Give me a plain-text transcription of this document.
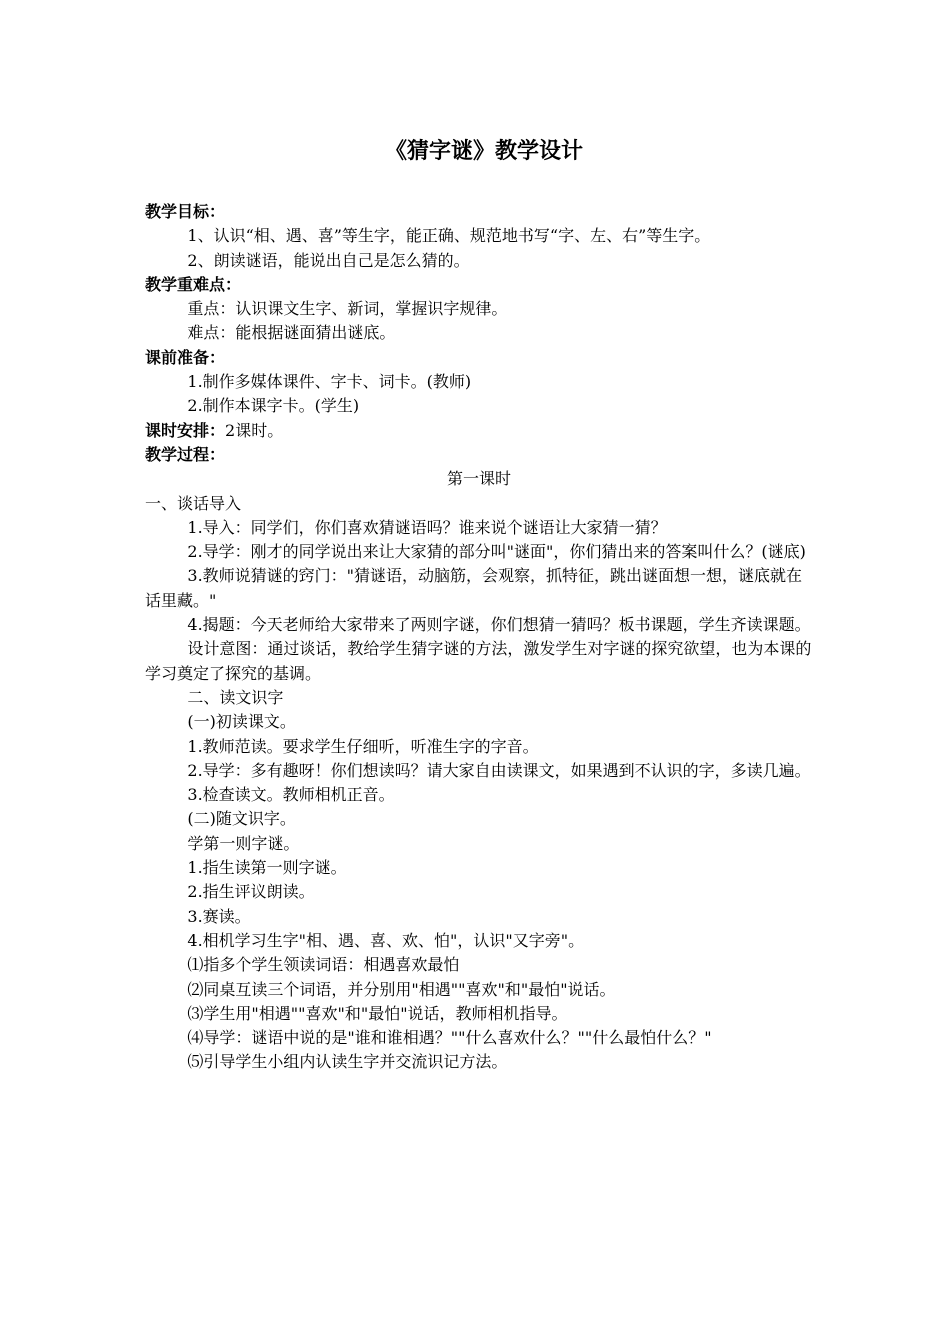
《猜字谜》教学设计
教学目标：
1、认识“相、遇、喜”等生字，能正确、规范地书写“字、左、右”等生字。
2、朗读谜语，能说出自己是怎么猜的。
教学重难点：
重点：认识课文生字、新词，掌握识字规律。
难点：能根据谜面猜出谜底。
课前准备：
1.制作多媒体课件、字卡、词卡。(教师)
2.制作本课字卡。(学生)
课时安排：2课时。
教学过程：
第一课时
一、谈话导入
1.导入：同学们，你们喜欢猜谜语吗？谁来说个谜语让大家猜一猜？
2.导学：刚才的同学说出来让大家猜的部分叫"谜面"，你们猜出来的答案叫什么？(谜底)
3.教师说猜谜的窍门："猜谜语，动脑筋，会观察，抓特征，跳出谜面想一想，谜底就在话里藏。"
4.揭题：今天老师给大家带来了两则字谜，你们想猜一猜吗？板书课题，学生齐读课题。
设计意图：通过谈话，教给学生猜字谜的方法，激发学生对字谜的探究欲望，也为本课的学习奠定了探究的基调。
二、读文识字
(一)初读课文。
1.教师范读。要求学生仔细听，听准生字的字音。
2.导学：多有趣呀！你们想读吗？请大家自由读课文，如果遇到不认识的字，多读几遍。
3.检查读文。教师相机正音。
(二)随文识字。
学第一则字谜。
1.指生读第一则字谜。
2.指生评议朗读。
3.赛读。
4.相机学习生字"相、遇、喜、欢、怕"，认识"又字旁"。
⑴指多个学生领读词语：相遇喜欢最怕
⑵同桌互读三个词语，并分别用"相遇""喜欢"和"最怕"说话。
⑶学生用"相遇""喜欢"和"最怕"说话，教师相机指导。
⑷导学：谜语中说的是"谁和谁相遇？""什么喜欢什么？""什么最怕什么？"
⑸引导学生小组内认读生字并交流识记方法。
